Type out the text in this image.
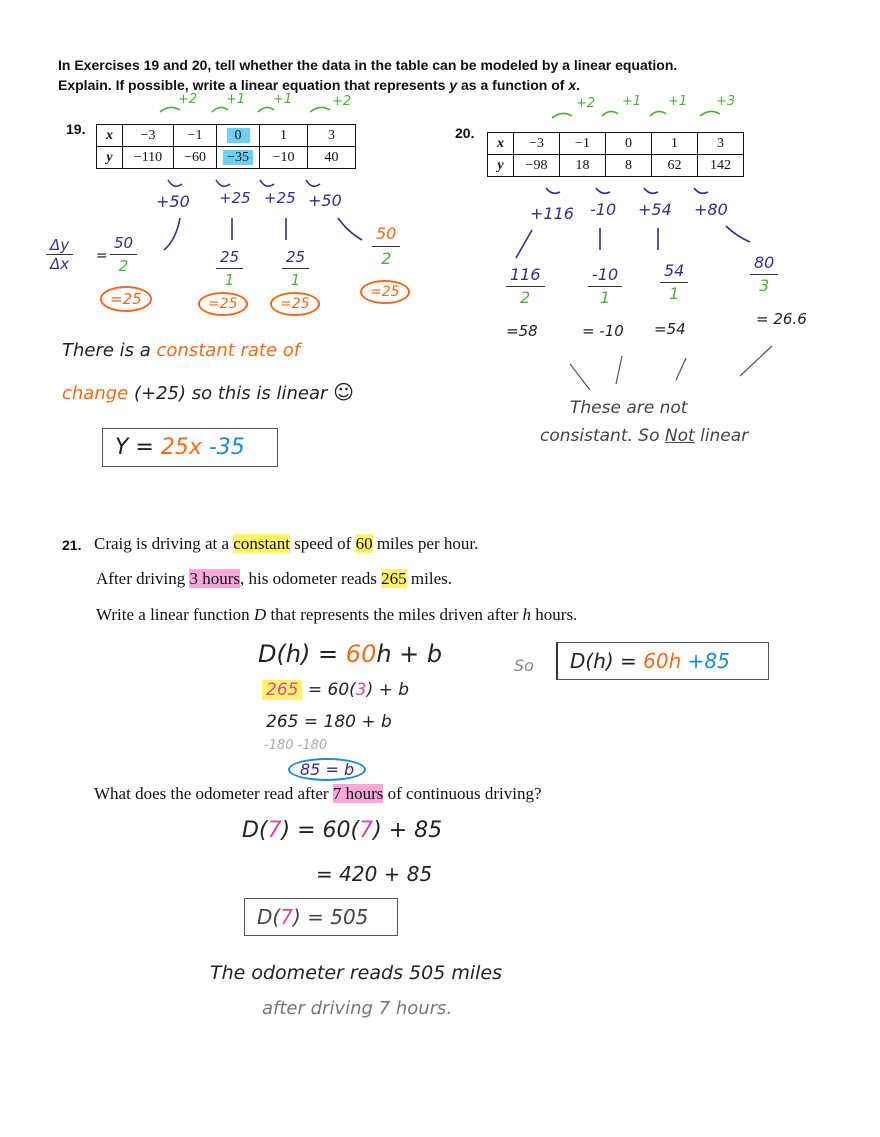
In Exercises 19 and 20, tell whether the data in the table can be modeled by a linear equation.
Explain. If possible, write a linear equation that represents y as a function of x.
19.
+2 +1 +1	+2
x	−3	−1	0	1	3
y	−110	−60	−35	−10	40
+50 +25 +25 +50
$\frac{\Delta y}{\Delta x} = \frac{50}{2}$	$\frac{25}{1}$	$\frac{25}{1}$	$\frac{50}{2}$
=25	=25	=25
=25
There is a constant rate of
change (+25) so this is linear ☺
Y = 25x -35
20.
+2 +1 +1 +3
x	−3	−1	0	1	3
y	−98	18	8	62	142
+116 -10 +54 +80
$\frac{116}{2}$	$\frac{-10}{1} \frac{54}{1}$	$\frac{80}{3}$
=58	= -10 =54
= 26.6
These are not
consistant. So Not linear
21. Craig is driving at a constant speed of 60 miles per hour.
After driving 3 hours, his odometer reads 265 miles.
Write a linear function D that represents the miles driven after h hours.
D(h) = 60h + b
265 = 60(3) + b
265 = 180 + b
-180 -180
85 = b
So	D(h) = 60h +85
What does the odometer read after 7 hours of continuous driving?
D(7) = 60(7) + 85
= 420 + 85
D(7) = 505
The odometer reads 505 miles
after driving 7 hours.
